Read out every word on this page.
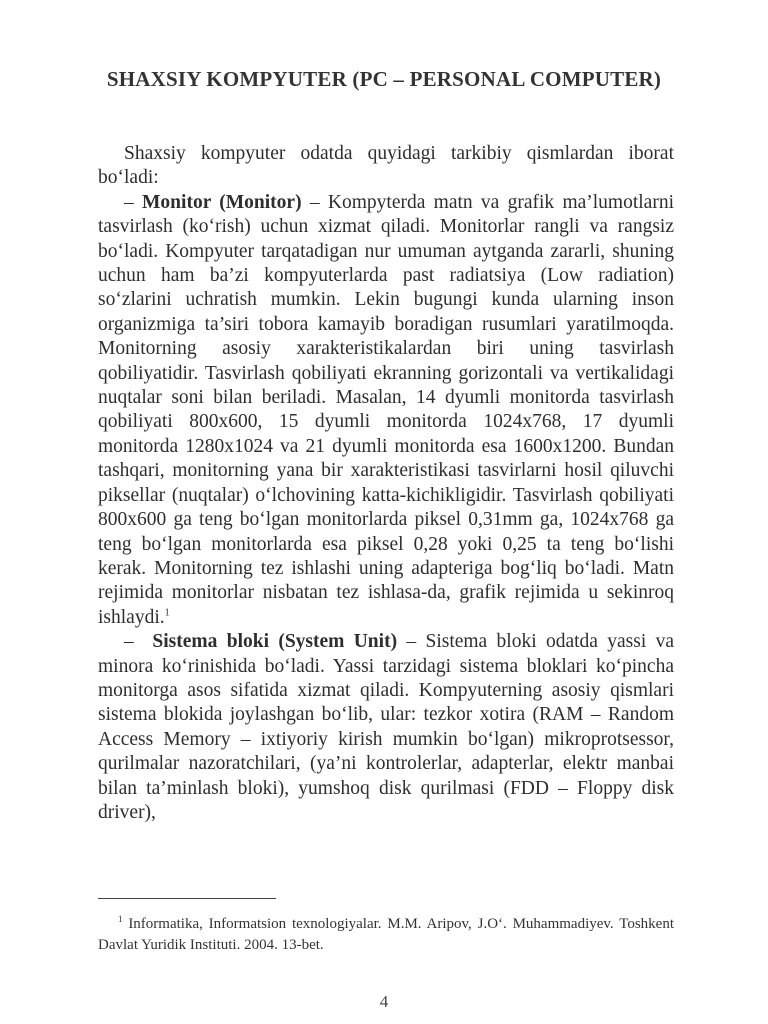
SHAXSIY KOMPYUTER (PC – PERSONAL COMPUTER)

Shaxsiy kompyuter odatda quyidagi tarkibiy qismlardan iborat bo‘ladi:

– Monitor (Monitor) – Kompyterda matn va grafik ma’lumotlarni tasvirlash (ko‘rish) uchun xizmat qiladi. Monitorlar rangli va rangsiz bo‘ladi. Kompyuter tarqatadigan nur umuman aytganda zararli, shuning uchun ham ba’zi kompyuterlarda past radiatsiya (Low radiation) so‘zlarini uchratish mumkin. Lekin bugungi kunda ularning inson organizmiga ta’siri tobora kamayib boradigan rusumlari yaratilmoqda. Monitorning asosiy xarakteristikalardan biri uning tasvirlash qobiliyatidir. Tasvirlash qobiliyati ekranning gorizontali va vertikalidagi nuqtalar soni bilan beriladi. Masalan, 14 dyumli monitorda tasvirlash qobiliyati 800x600, 15 dyumli monitorda 1024x768, 17 dyumli monitorda 1280x1024 va 21 dyumli monitorda esa 1600x1200. Bundan tashqari, monitorning yana bir xarakteristikasi tasvirlarni hosil qiluvchi piksellar (nuqtalar) o‘lchovining katta-kichikligidir. Tasvirlash qobiliyati 800x600 ga teng bo‘lgan monitorlarda piksel 0,31mm ga, 1024x768 ga teng bo‘lgan monitorlarda esa piksel 0,28 yoki 0,25 ta teng bo‘lishi kerak. Monitorning tez ishlashi uning adapteriga bog‘liq bo‘ladi. Matn rejimida monitorlar nisbatan tez ishlasa-da, grafik rejimida u sekinroq ishlaydi.$^1$

– Sistema bloki (System Unit) – Sistema bloki odatda yassi va minora ko‘rinishida bo‘ladi. Yassi tarzidagi sistema bloklari ko‘pincha monitorga asos sifatida xizmat qiladi. Kompyuterning asosiy qismlari sistema blokida joylashgan bo‘lib, ular: tezkor xotira (RAM – Random Access Memory – ixtiyoriy kirish mumkin bo‘lgan) mikroprotsessor, qurilmalar nazoratchilari, (ya’ni kontrolerlar, adapterlar, elektr manbai bilan ta’minlash bloki), yumshoq disk qurilmasi (FDD – Floppy disk driver),

$^1$ Informatika, Informatsion texnologiyalar. M.M. Aripov, J.O‘. Muhammadiyev. Toshkent Davlat Yuridik Instituti. 2004. 13-bet.
4
